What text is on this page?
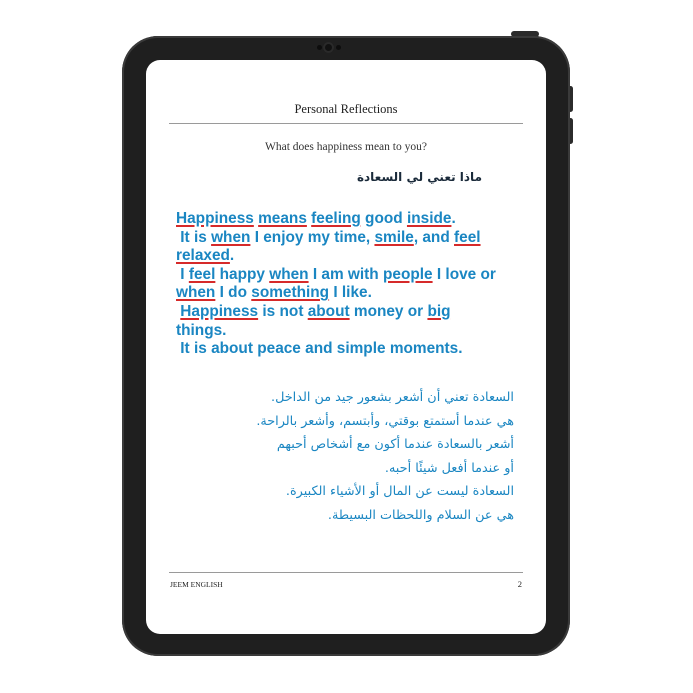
Personal Reflections
What does happiness mean to you?
ماذا تعني لي السعادة
Happiness means feeling good inside.
It is when I enjoy my time, smile, and feel
relaxed.
I feel happy when I am with people I love or
when I do something I like.
Happiness is not about money or big
things.
It is about peace and simple moments.
السعادة تعني أن أشعر بشعور جيد من الداخل.
هي عندما أستمتع بوقتي، وأبتسم، وأشعر بالراحة.
أشعر بالسعادة عندما أكون مع أشخاص أحبهم
أو عندما أفعل شيئًا أحبه.
السعادة ليست عن المال أو الأشياء الكبيرة.
هي عن السلام واللحظات البسيطة.
JEEM ENGLISH	2
